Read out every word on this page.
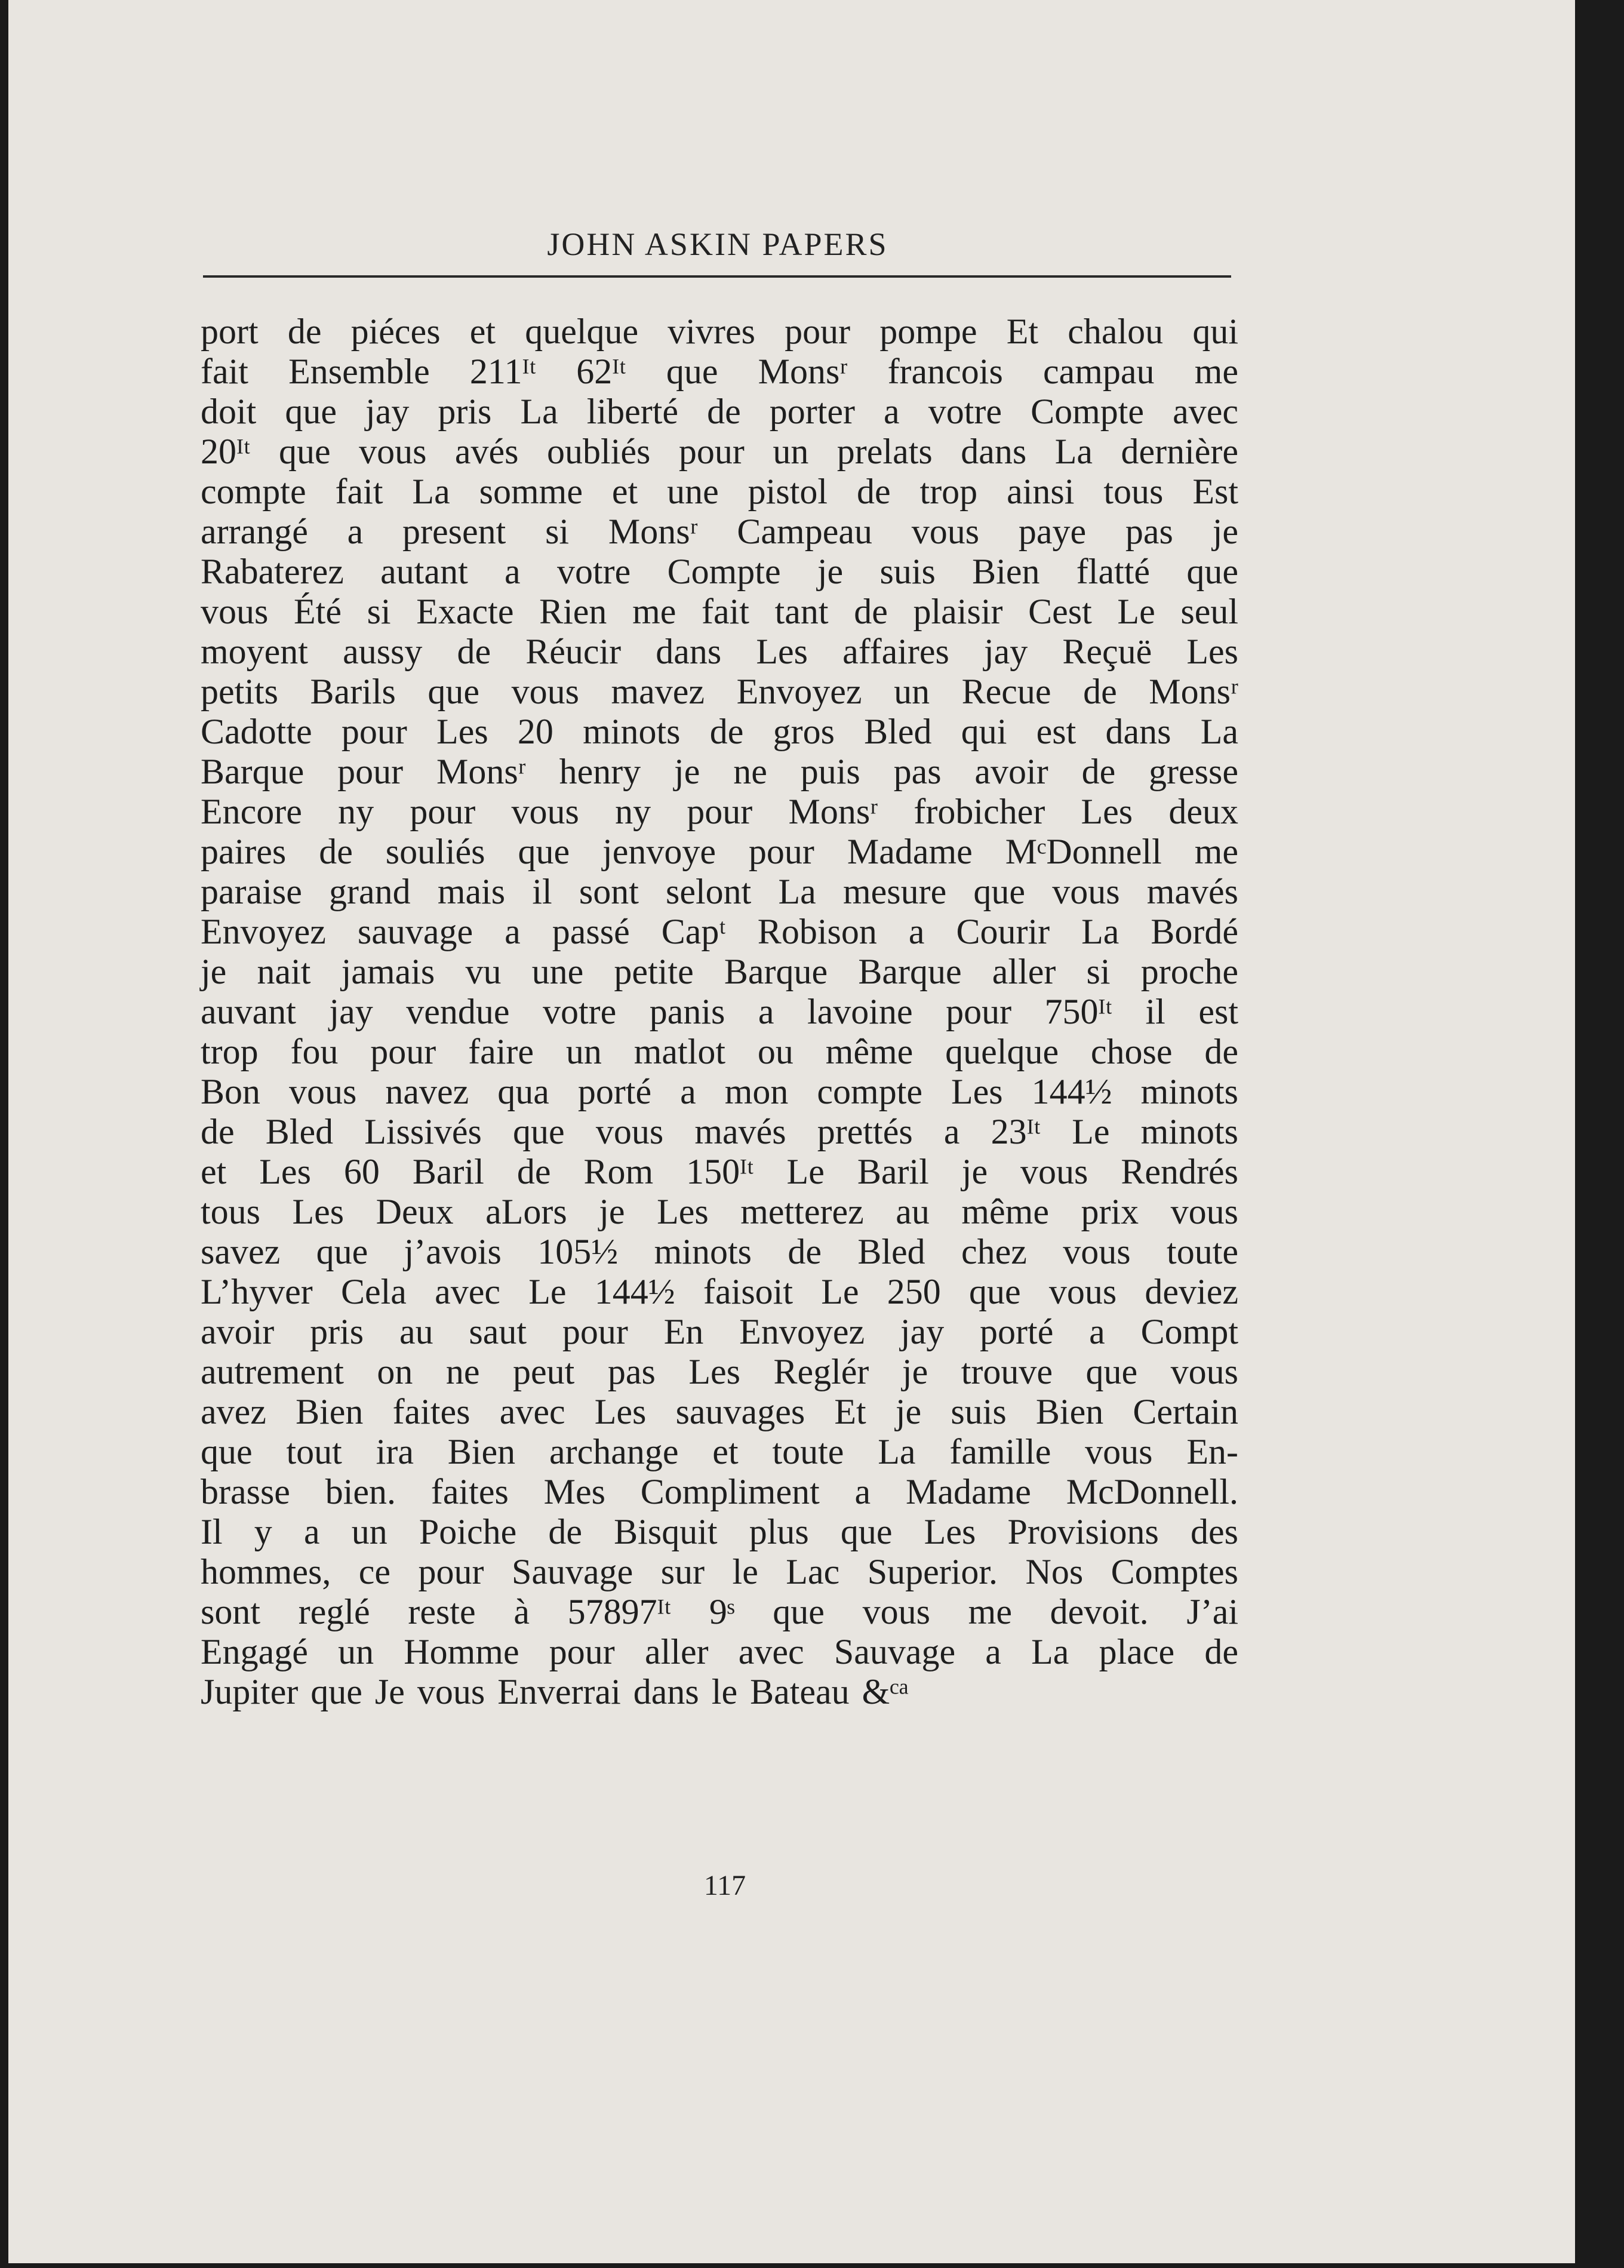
JOHN ASKIN PAPERS
port de piéces et quelque vivres pour pompe Et chalou qui
fait Ensemble 211ᴵᵗ 62ᴵᵗ que Monsʳ francois campau me
doit que jay pris La liberté de porter a votre Compte avec
20ᴵᵗ que vous avés oubliés pour un prelats dans La dernière
compte fait La somme et une pistol de trop ainsi tous Est
arrangé a present si Monsʳ Campeau vous paye pas je
Rabaterez autant a votre Compte je suis Bien flatté que
vous Été si Exacte Rien me fait tant de plaisir Cest Le seul
moyent aussy de Réucir dans Les affaires jay Reçuë Les
petits Barils que vous mavez Envoyez un Recue de Monsʳ
Cadotte pour Les 20 minots de gros Bled qui est dans La
Barque pour Monsʳ henry je ne puis pas avoir de gresse
Encore ny pour vous ny pour Monsʳ frobicher Les deux
paires de souliés que jenvoye pour Madame MᶜDonnell me
paraise grand mais il sont selont La mesure que vous mavés
Envoyez sauvage a passé Capᵗ Robison a Courir La Bordé
je nait jamais vu une petite Barque Barque aller si proche
auvant jay vendue votre panis a lavoine pour 750ᴵᵗ il est
trop fou pour faire un matlot ou même quelque chose de
Bon vous navez qua porté a mon compte Les 144½ minots
de Bled Lissivés que vous mavés prettés a 23ᴵᵗ Le minots
et Les 60 Baril de Rom 150ᴵᵗ Le Baril je vous Rendrés
tous Les Deux aLors je Les metterez au même prix vous
savez que j’avois 105½ minots de Bled chez vous toute
L’hyver Cela avec Le 144½ faisoit Le 250 que vous deviez
avoir pris au saut pour En Envoyez jay porté a Compt
autrement on ne peut pas Les Reglér je trouve que vous
avez Bien faites avec Les sauvages Et je suis Bien Certain
que tout ira Bien archange et toute La famille vous En-
brasse bien. faites Mes Compliment a Madame McDonnell.
Il y a un Poiche de Bisquit plus que Les Provisions des
hommes, ce pour Sauvage sur le Lac Superior. Nos Comptes
sont reglé reste à 57897ᴵᵗ 9ˢ que vous me devoit. J’ai
Engagé un Homme pour aller avec Sauvage a La place de
Jupiter que Je vous Enverrai dans le Bateau &ᶜᵃ
117
